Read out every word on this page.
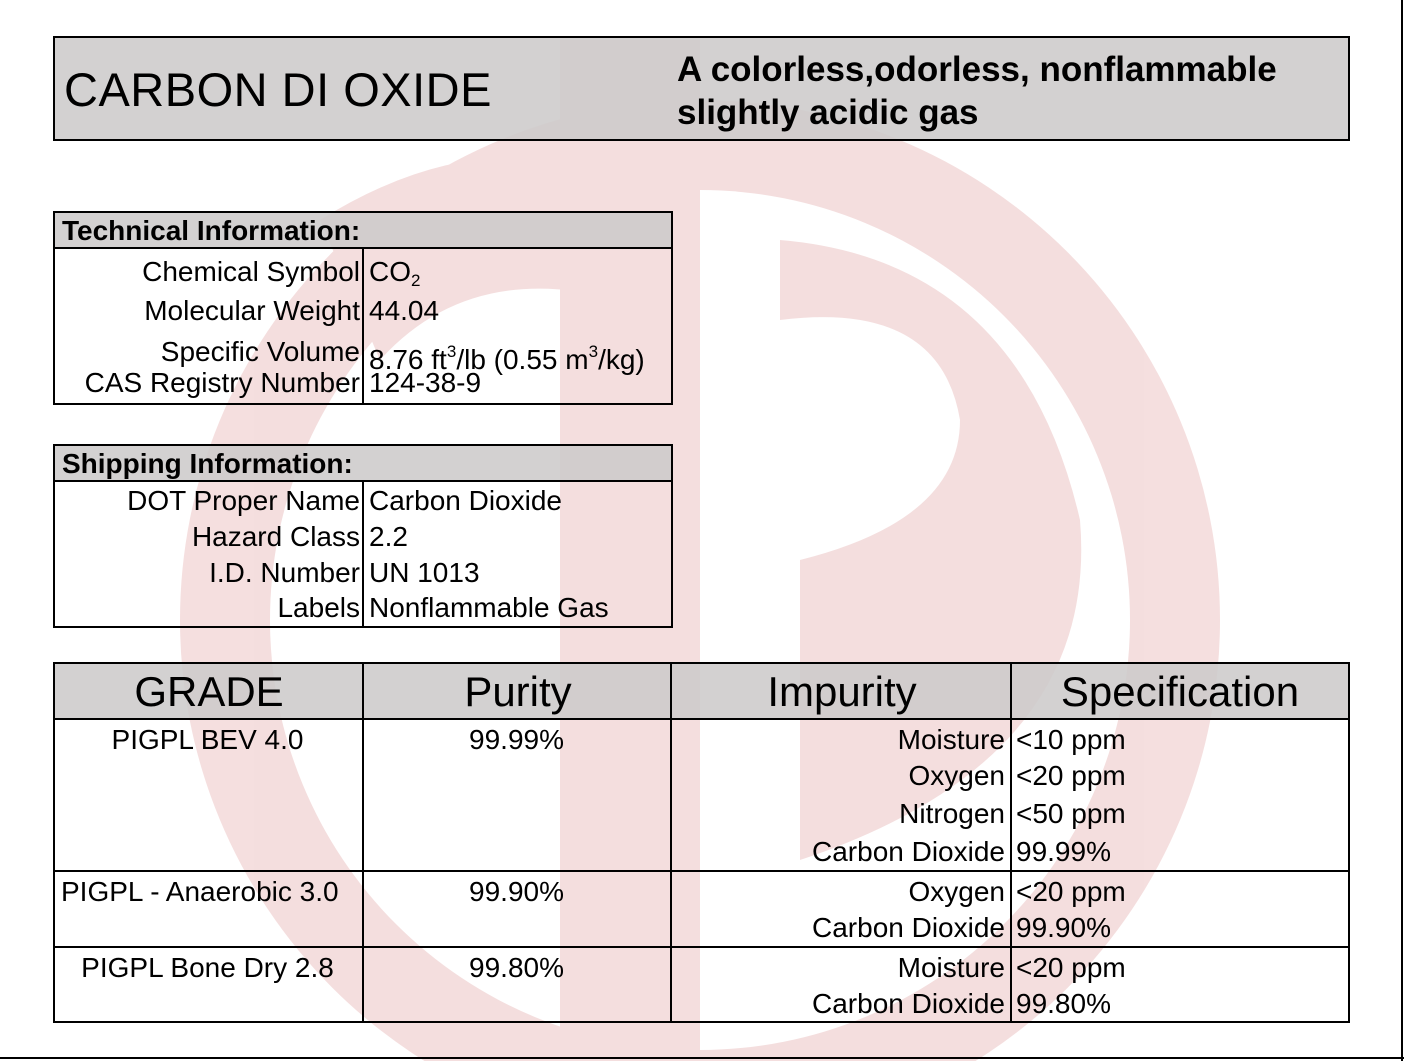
CARBON DI OXIDE	A colorless,odorless, nonflammable
slightly acidic gas
Technical Information:
Chemical Symbol $CO_2$
Molecular Weight 44.04
Specific Volume 8.76 $ft^3/lb$ (0.55 $m^3/kg$)
CAS Registry Number 124-38-9
Shipping Information:
DOT Proper Name Carbon Dioxide
Hazard Class 2.2
I.D. Number UN 1013
Labels Nonflammable Gas
GRADE	Purity	Impurity	Specification
PIGPL BEV 4.0	99.99%	Moisture <10 ppm
Oxygen <20 ppm
Nitrogen <50 ppm
Carbon Dioxide 99.99%
PIGPL - Anaerobic 3.0	99.90%	Oxygen <20 ppm
Carbon Dioxide 99.90%
PIGPL Bone Dry 2.8	99.80%	Moisture <20 ppm
Carbon Dioxide 99.80%
